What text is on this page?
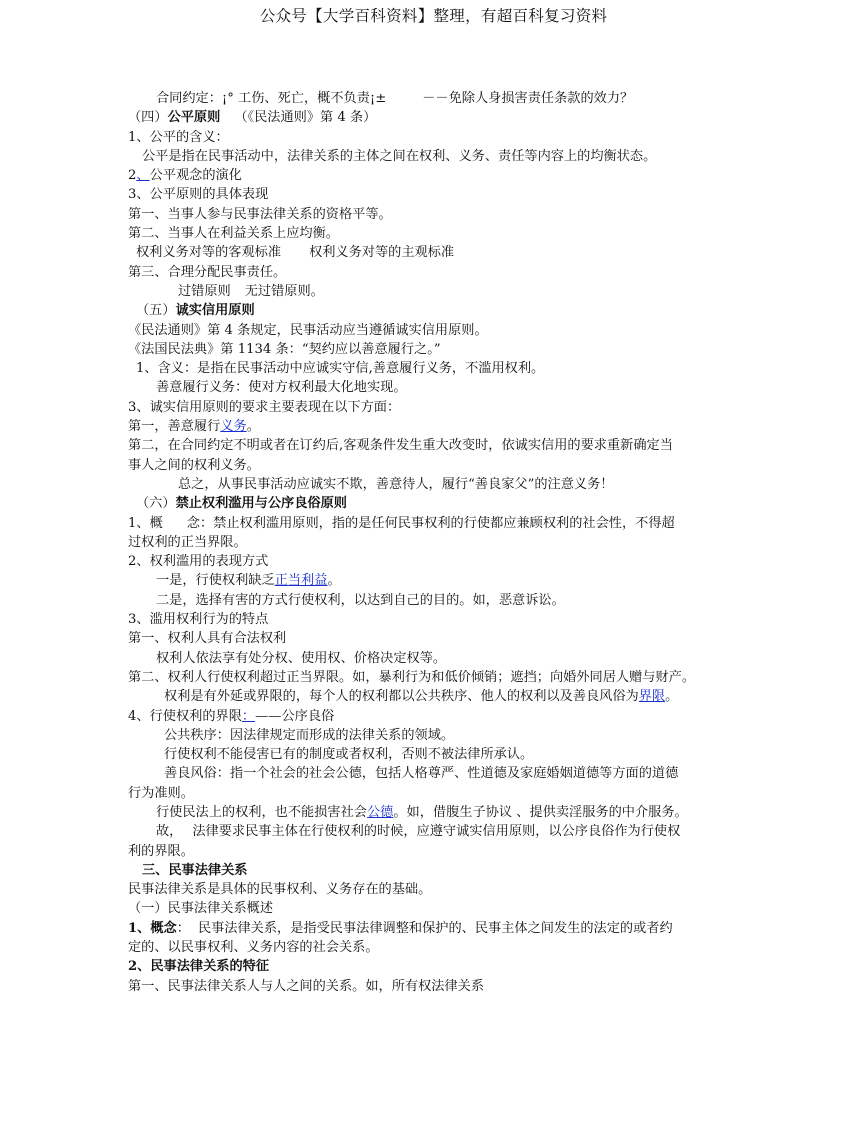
公众号【大学百科资料】整理，有超百科复习资料
合同约定：¡° 工伤、死亡，概不负责¡±	－－免除人身损害责任条款的效力？
（四）公平原则 （《民法通则》第 4 条）
1、公平的含义：
公平是指在民事活动中，法律关系的主体之间在权利、义务、责任等内容上的均衡状态。
2、公平观念的演化
3、公平原则的具体表现
第一、当事人参与民事法律关系的资格平等。
第二、当事人在利益关系上应均衡。
权利义务对等的客观标准 权利义务对等的主观标准
第三、合理分配民事责任。
过错原则 无过错原则。
（五）诚实信用原则
《民法通则》第 4 条规定，民事活动应当遵循诚实信用原则。
《法国民法典》第 1134 条：“契约应以善意履行之。”
1、含义：是指在民事活动中应诚实守信,善意履行义务，不滥用权利。
善意履行义务：使对方权利最大化地实现。
3、诚实信用原则的要求主要表现在以下方面：
第一，善意履行义务。
第二，在合同约定不明或者在订约后,客观条件发生重大改变时，依诚实信用的要求重新确定当
事人之间的权利义务。
总之，从事民事活动应诚实不欺，善意待人，履行“善良家父”的注意义务！
（六）禁止权利滥用与公序良俗原则
1、概 念：禁止权利滥用原则，指的是任何民事权利的行使都应兼顾权利的社会性，不得超
过权利的正当界限。
2、权利滥用的表现方式
一是，行使权利缺乏正当利益。
二是，选择有害的方式行使权利，以达到自己的目的。如，恶意诉讼。
3、滥用权利行为的特点
第一、权利人具有合法权利
权利人依法享有处分权、使用权、价格决定权等。
第二、权利人行使权利超过正当界限。如，暴利行为和低价倾销；遮挡；向婚外同居人赠与财产。
权利是有外延或界限的，每个人的权利都以公共秩序、他人的权利以及善良风俗为界限。
4、行使权利的界限：——公序良俗
公共秩序：因法律规定而形成的法律关系的领域。
行使权利不能侵害已有的制度或者权利，否则不被法律所承认。
善良风俗：指一个社会的社会公德，包括人格尊严、性道德及家庭婚姻道德等方面的道德
行为准则。
行使民法上的权利，也不能损害社会公德。如，借腹生子协议 、提供卖淫服务的中介服务。
故， 法律要求民事主体在行使权利的时候，应遵守诚实信用原则，以公序良俗作为行使权
利的界限。
三、民事法律关系
民事法律关系是具体的民事权利、义务存在的基础。
（一）民事法律关系概述
1、概念： 民事法律关系，是指受民事法律调整和保护的、民事主体之间发生的法定的或者约
定的、以民事权利、义务内容的社会关系。
2、民事法律关系的特征
第一、民事法律关系人与人之间的关系。如，所有权法律关系
